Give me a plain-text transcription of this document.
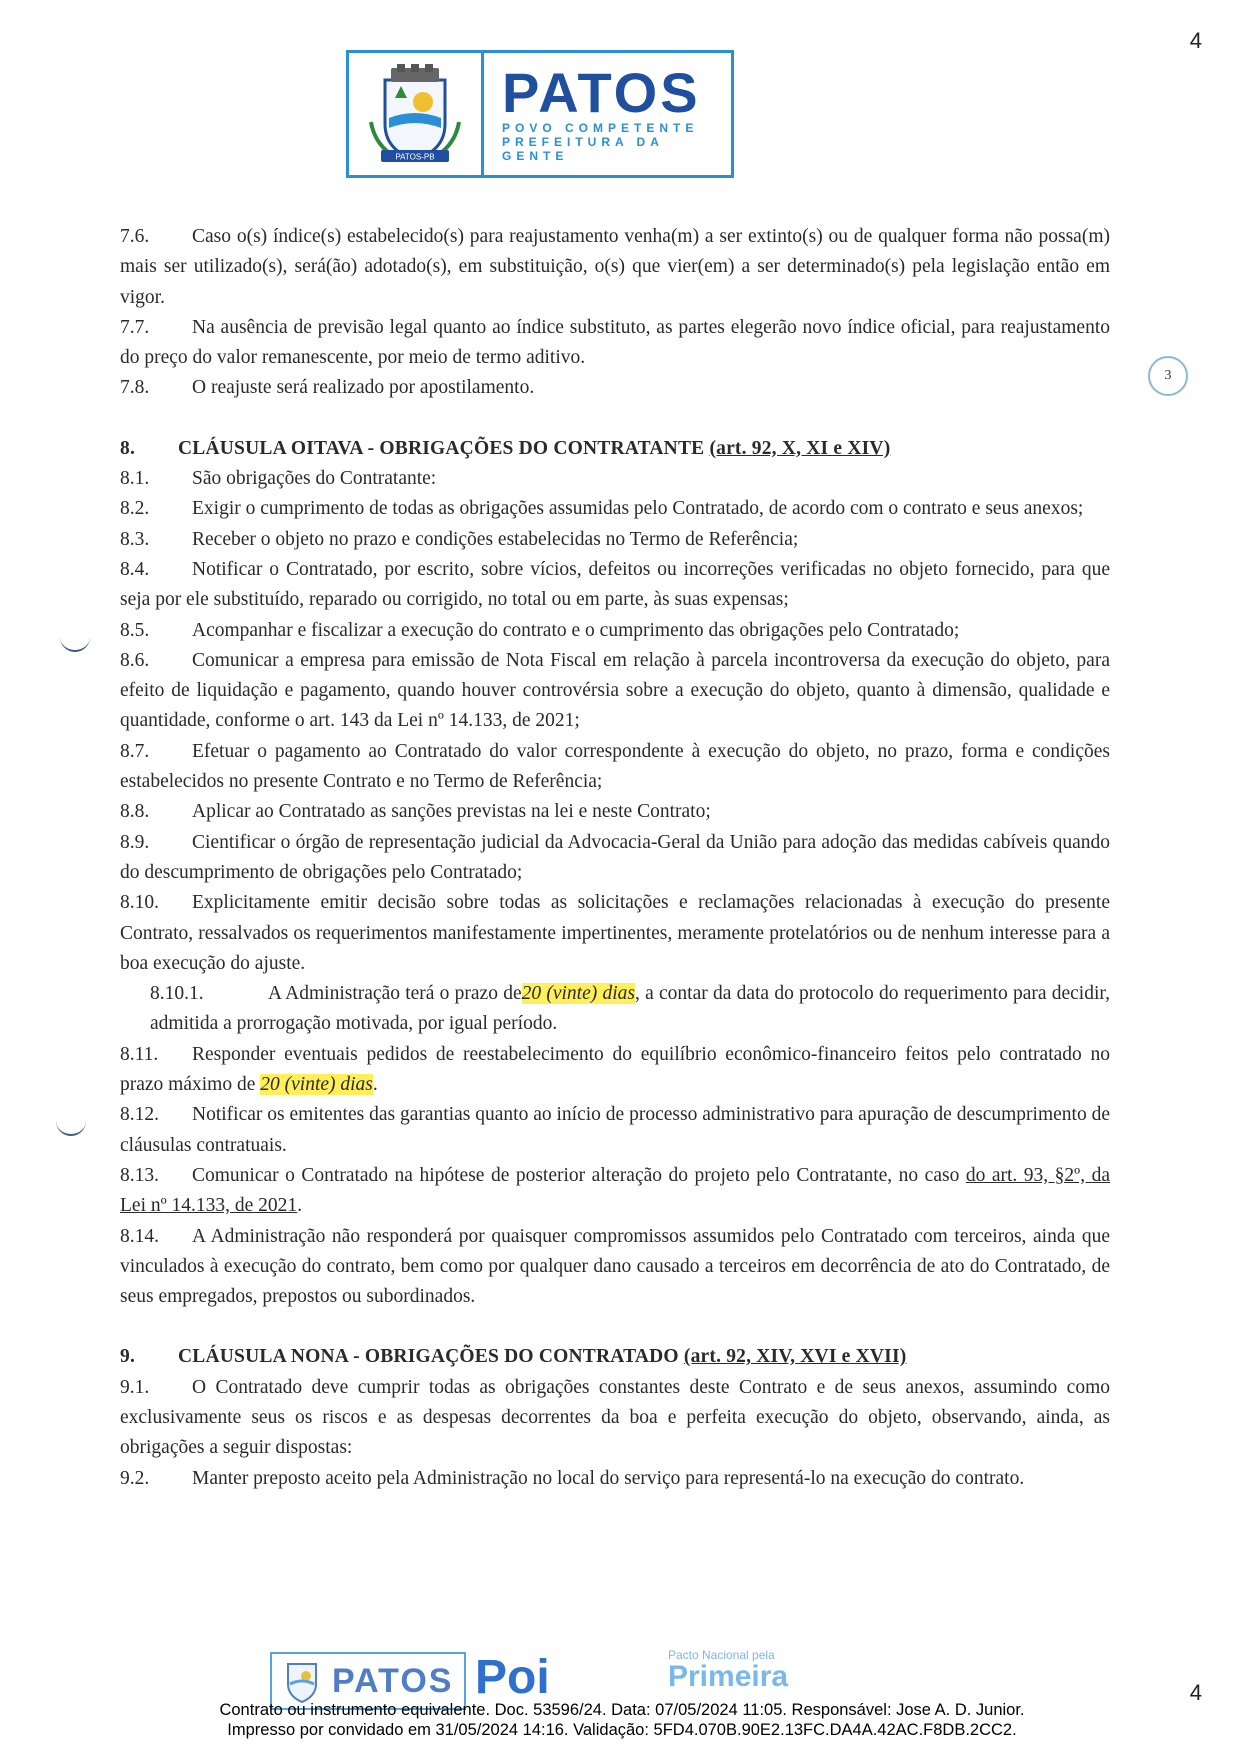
4
PATOS-PB
PATOS
POVO COMPETENTE
PREFEITURA DA GENTE
3

7.6. Caso o(s) índice(s) estabelecido(s) para reajustamento venha(m) a ser extinto(s) ou de qualquer forma não possa(m) mais ser utilizado(s), será(ão) adotado(s), em substituição, o(s) que vier(em) a ser determinado(s) pela legislação então em vigor.

7.7. Na ausência de previsão legal quanto ao índice substituto, as partes elegerão novo índice oficial, para reajustamento do preço do valor remanescente, por meio de termo aditivo.

7.8. O reajuste será realizado por apostilamento.

8. CLÁUSULA OITAVA - OBRIGAÇÕES DO CONTRATANTE (art. 92, X, XI e XIV)

8.1. São obrigações do Contratante:

8.2. Exigir o cumprimento de todas as obrigações assumidas pelo Contratado, de acordo com o contrato e seus anexos;

8.3. Receber o objeto no prazo e condições estabelecidas no Termo de Referência;

8.4. Notificar o Contratado, por escrito, sobre vícios, defeitos ou incorreções verificadas no objeto fornecido, para que seja por ele substituído, reparado ou corrigido, no total ou em parte, às suas expensas;

8.5. Acompanhar e fiscalizar a execução do contrato e o cumprimento das obrigações pelo Contratado;

8.6. Comunicar a empresa para emissão de Nota Fiscal em relação à parcela incontroversa da execução do objeto, para efeito de liquidação e pagamento, quando houver controvérsia sobre a execução do objeto, quanto à dimensão, qualidade e quantidade, conforme o art. 143 da Lei nº 14.133, de 2021;

8.7. Efetuar o pagamento ao Contratado do valor correspondente à execução do objeto, no prazo, forma e condições estabelecidos no presente Contrato e no Termo de Referência;

8.8. Aplicar ao Contratado as sanções previstas na lei e neste Contrato;

8.9. Cientificar o órgão de representação judicial da Advocacia-Geral da União para adoção das medidas cabíveis quando do descumprimento de obrigações pelo Contratado;

8.10. Explicitamente emitir decisão sobre todas as solicitações e reclamações relacionadas à execução do presente Contrato, ressalvados os requerimentos manifestamente impertinentes, meramente protelatórios ou de nenhum interesse para a boa execução do ajuste.

8.10.1.	A Administração terá o prazo de20 (vinte) dias, a contar da data do protocolo do requerimento para decidir, admitida a prorrogação motivada, por igual período.

8.11. Responder eventuais pedidos de reestabelecimento do equilíbrio econômico-financeiro feitos pelo contratado no prazo máximo de 20 (vinte) dias.

8.12. Notificar os emitentes das garantias quanto ao início de processo administrativo para apuração de descumprimento de cláusulas contratuais.

8.13. Comunicar o Contratado na hipótese de posterior alteração do projeto pelo Contratante, no caso do art. 93, §2º, da Lei nº 14.133, de 2021.

8.14. A Administração não responderá por quaisquer compromissos assumidos pelo Contratado com terceiros, ainda que vinculados à execução do contrato, bem como por qualquer dano causado a terceiros em decorrência de ato do Contratado, de seus empregados, prepostos ou subordinados.

9. CLÁUSULA NONA - OBRIGAÇÕES DO CONTRATADO (art. 92, XIV, XVI e XVII)

9.1. O Contratado deve cumprir todas as obrigações constantes deste Contrato e de seus anexos, assumindo como exclusivamente seus os riscos e as despesas decorrentes da boa e perfeita execução do objeto, observando, ainda, as obrigações a seguir dispostas:

9.2. Manter preposto aceito pela Administração no local do serviço para representá-lo na execução do contrato.

PATOS Poi	Pacto Nacional pela
Primeira
Contrato ou instrumento equivalente. Doc. 53596/24. Data: 07/05/2024 11:05. Responsável: Jose A. D. Junior.
Impresso por convidado em 31/05/2024 14:16. Validação: 5FD4.070B.90E2.13FC.DA4A.42AC.F8DB.2CC2.
4
